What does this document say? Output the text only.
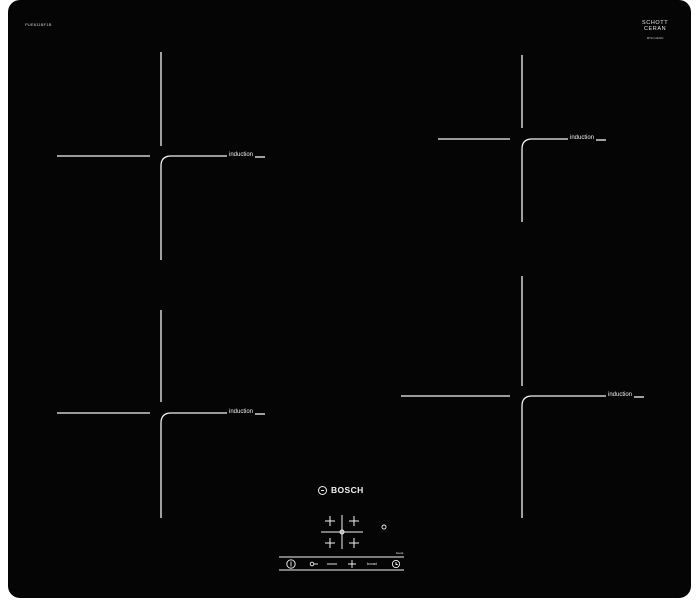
PUE611BF1B	SCHOTT
CERAN
MISCHEND
induction
induction
induction
induction
BOSCH
boost
boost
